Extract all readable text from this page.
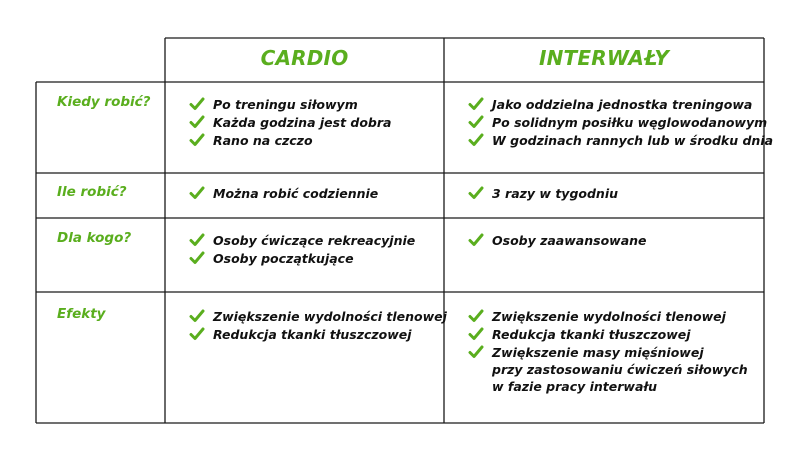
CARDIO	INTERWAŁY
Kiedy robić?
Ile robić?
Dla kogo?
Efekty
Po treningu siłowym
Każda godzina jest dobra
Rano na czczo
Jako oddzielna jednostka treningowa
Po solidnym posiłku węglowodanowym
W godzinach rannych lub w środku dnia
Można robić codziennie	3 razy w tygodniu
Osoby ćwiczące rekreacyjnie
Osoby początkujące
Osoby zaawansowane
Zwiększenie wydolności tlenowej
Redukcja tkanki tłuszczowej
Zwiększenie wydolności tlenowej
Redukcja tkanki tłuszczowej
Zwiększenie masy mięśniowej
przy zastosowaniu ćwiczeń siłowych
w fazie pracy interwału
